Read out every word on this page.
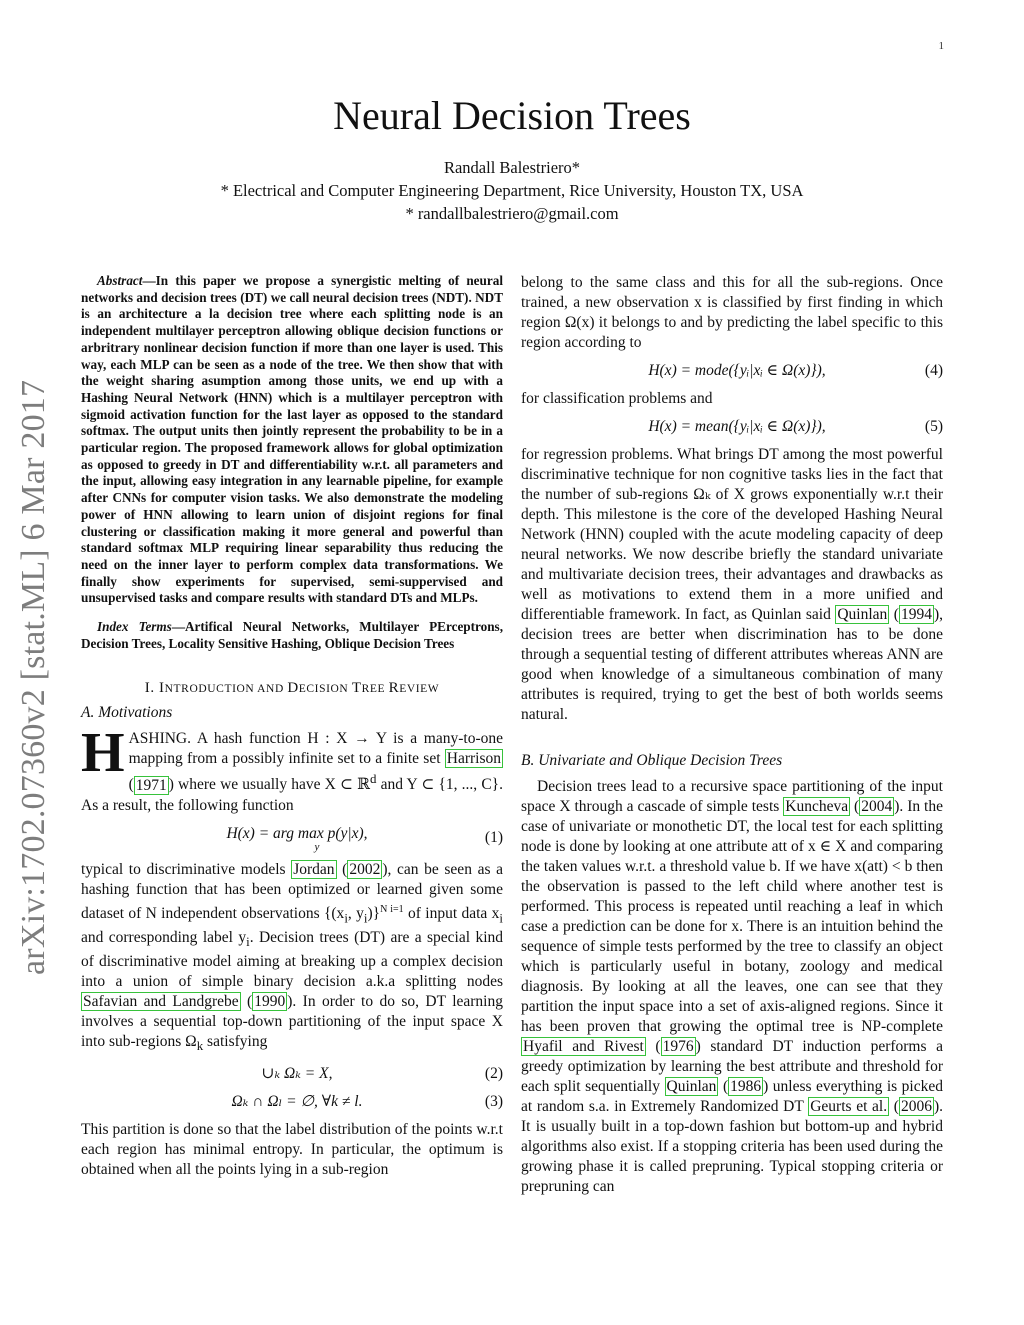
1
arXiv:1702.07360v2 [stat.ML] 6 Mar 2017
Neural Decision Trees
Randall Balestriero*
* Electrical and Computer Engineering Department, Rice University, Houston TX, USA
* randallbalestriero@gmail.com

Abstract—In this paper we propose a synergistic melting of neural networks and decision trees (DT) we call neural decision trees (NDT). NDT is an architecture a la decision tree where each splitting node is an independent multilayer perceptron allowing oblique decision functions or arbritrary nonlinear decision function if more than one layer is used. This way, each MLP can be seen as a node of the tree. We then show that with the weight sharing asumption among those units, we end up with a Hashing Neural Network (HNN) which is a multilayer perceptron with sigmoid activation function for the last layer as opposed to the standard softmax. The output units then jointly represent the probability to be in a particular region. The proposed framework allows for global optimization as opposed to greedy in DT and differentiability w.r.t. all parameters and the input, allowing easy integration in any learnable pipeline, for example after CNNs for computer vision tasks. We also demonstrate the modeling power of HNN allowing to learn union of disjoint regions for final clustering or classification making it more general and powerful than standard softmax MLP requiring linear separability thus reducing the need on the inner layer to perform complex data transformations. We finally show experiments for supervised, semi-suppervised and unsupervised tasks and compare results with standard DTs and MLPs.

Index Terms—Artifical Neural Networks, Multilayer PErceptrons, Decision Trees, Locality Sensitive Hashing, Oblique Decision Trees

I. INTRODUCTION AND DECISION TREE REVIEW
A. Motivations

HASHING. A hash function H : X → Y is a many-to-one mapping from a possibly infinite set to a finite set Harrison ( 1971 ) where we usually have X ⊂ ℝ$^d$ and Y ⊂ {1, ..., C}. As a result, the following function

H(x) = arg max p(y|x),
y
(1)

typical to discriminative models Jordan ( 2002 ), can be seen as a hashing function that has been optimized or learned given some dataset of N independent observations {($x_i$, $y_i)\}^{N i=1}$ of input data $x_i$ and corresponding label $y_i$. Decision trees (DT) are a special kind of discriminative model aiming at breaking up a complex decision into a union of simple binary decision a.k.a splitting nodes Safavian and Landgrebe ( 1990 ). In order to do so, DT learning involves a sequential top-down partitioning of the input space X into sub-regions $\Omega_k$ satisfying

∪ₖ Ωₖ = X,	(2)
Ωₖ ∩ Ωₗ = ∅, ∀k ≠ l.	(3)

This partition is done so that the label distribution of the points w.r.t each region has minimal entropy. In particular, the optimum is obtained when all the points lying in a sub-region

belong to the same class and this for all the sub-regions. Once trained, a new observation x is classified by first finding in which region Ω(x) it belongs to and by predicting the label specific to this region according to

H(x) = mode({yᵢ|xᵢ ∈ Ω(x)}),	(4)

for classification problems and

H(x) = mean({yᵢ|xᵢ ∈ Ω(x)}),	(5)

for regression problems. What brings DT among the most powerful discriminative technique for non cognitive tasks lies in the fact that the number of sub-regions Ωₖ of X grows exponentially w.r.t their depth. This milestone is the core of the developed Hashing Neural Network (HNN) coupled with the acute modeling capacity of deep neural networks. We now describe briefly the standard univariate and multivariate decision trees, their advantages and drawbacks as well as motivations to extend them in a more unified and differentiable framework. In fact, as Quinlan said Quinlan ( 1994 ), decision trees are better when discrimination has to be done through a sequential testing of different attributes whereas ANN are good when knowledge of a simultaneous combination of many attributes is required, trying to get the best of both worlds seems natural.

B. Univariate and Oblique Decision Trees

Decision trees lead to a recursive space partitioning of the input space X through a cascade of simple tests Kuncheva ( 2004 ). In the case of univariate or monothetic DT, the local test for each splitting node is done by looking at one attribute att of x ∈ X and comparing the taken values w.r.t. a threshold value b. If we have x(att) < b then the observation is passed to the left child where another test is performed. This process is repeated until reaching a leaf in which case a prediction can be done for x. There is an intuition behind the sequence of simple tests performed by the tree to classify an object which is particularly useful in botany, zoology and medical diagnosis. By looking at all the leaves, one can see that they partition the input space into a set of axis-aligned regions. Since it has been proven that growing the optimal tree is NP-complete Hyafil and Rivest ( 1976 ) standard DT induction performs a greedy optimization by learning the best attribute and threshold for each split sequentially Quinlan ( 1986 ) unless everything is picked at random s.a. in Extremely Randomized DT Geurts et al. ( 2006 ). It is usually built in a top-down fashion but bottom-up and hybrid algorithms also exist. If a stopping criteria has been used during the growing phase it is called prepruning. Typical stopping criteria or prepruning can
